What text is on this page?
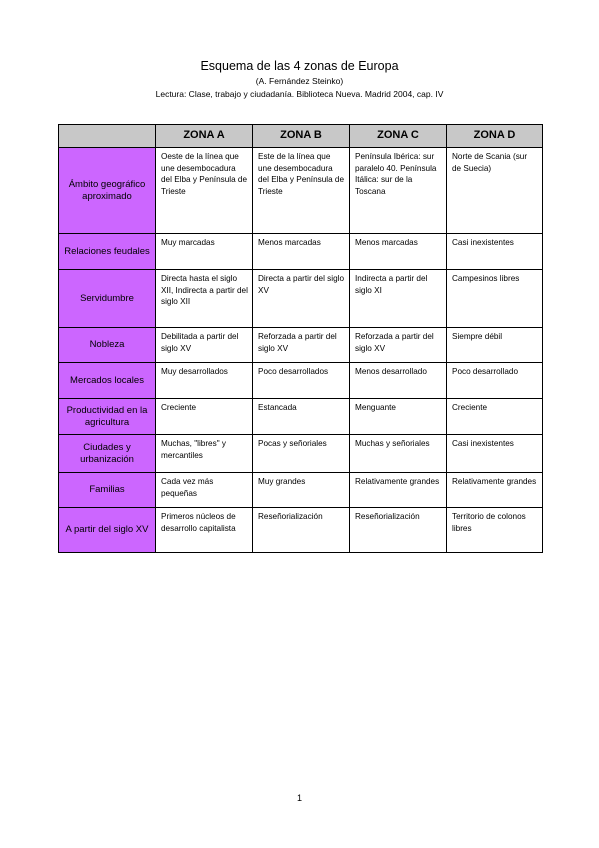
Esquema de las 4 zonas de Europa
(A. Fernández Steinko)
Lectura: Clase, trabajo y ciudadanía. Biblioteca Nueva. Madrid 2004, cap. IV
	ZONA A	ZONA B	ZONA C	ZONA D
Ámbito geográfico aproximado	Oeste de la línea que une desembocadura del Elba y Península de Trieste	Este de la línea que une desembocadura del Elba y Península de Trieste	Península Ibérica: sur paralelo 40. Península Itálica: sur de la Toscana	Norte de Scania (sur de Suecia)
Relaciones feudales	Muy marcadas	Menos marcadas	Menos marcadas	Casi inexistentes
Servidumbre	Directa hasta el siglo XII, Indirecta a partir del siglo XII	Directa a partir del siglo XV	Indirecta a partir del siglo XI	Campesinos libres
Nobleza	Debilitada a partir del siglo XV	Reforzada a partir del siglo XV	Reforzada a partir del siglo XV	Siempre débil
Mercados locales	Muy desarrollados	Poco desarrollados	Menos desarrollado	Poco desarrollado
Productividad en la agricultura	Creciente	Estancada	Menguante	Creciente
Ciudades y urbanización	Muchas, "libres" y mercantiles	Pocas y señoriales	Muchas y señoriales	Casi inexistentes
Familias	Cada vez más pequeñas	Muy grandes	Relativamente grandes	Relativamente grandes
A partir del siglo XV	Primeros núcleos de desarrollo capitalista	Reseñorialización	Reseñorialización	Territorio de colonos libres
1
